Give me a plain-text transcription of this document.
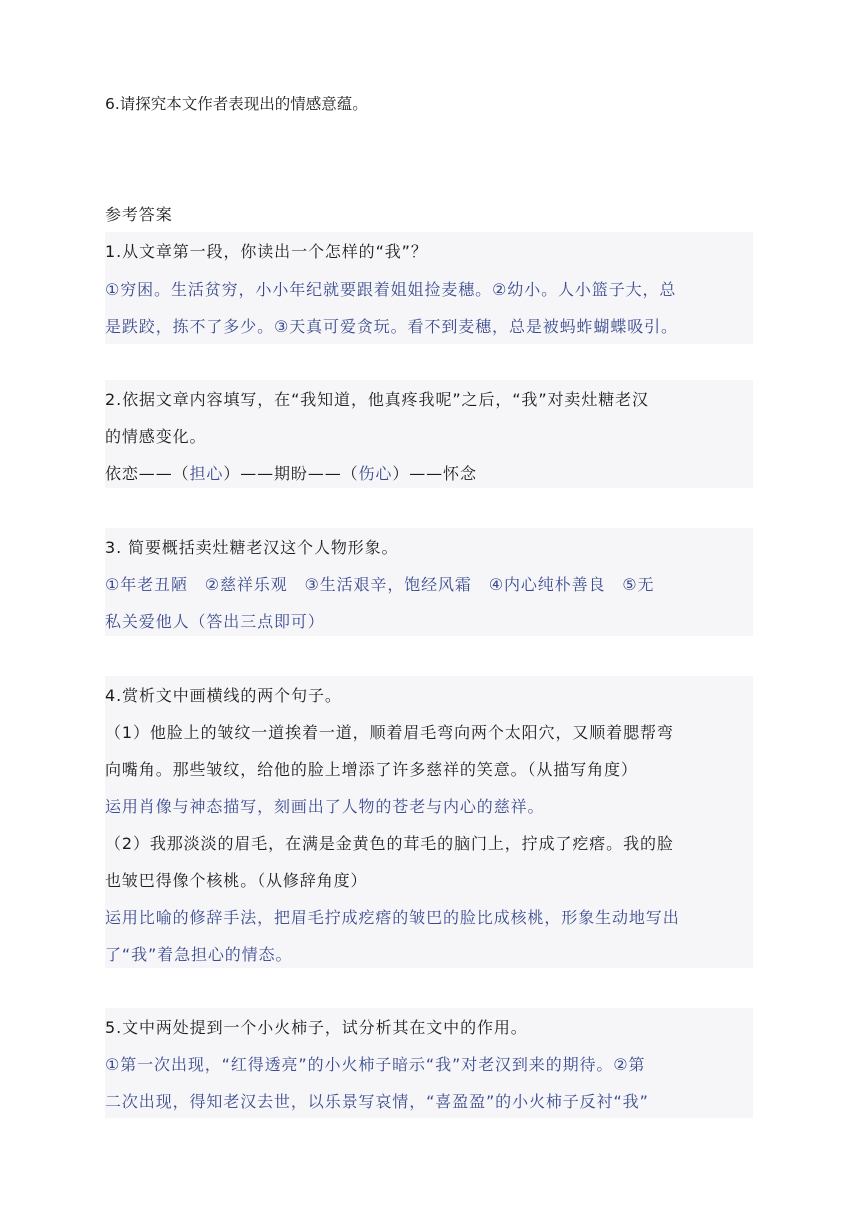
6.请探究本文作者表现出的情感意蕴。
参考答案
1.从文章第一段，你读出一个怎样的“我”？
①穷困。生活贫穷，小小年纪就要跟着姐姐捡麦穗。②幼小。人小篮子大，总
是跌跤，拣不了多少。③天真可爱贪玩。看不到麦穗，总是被蚂蚱蝴蝶吸引。
2.依据文章内容填写，在“我知道，他真疼我呢”之后，“我”对卖灶糖老汉
的情感变化。
依恋——（担心）——期盼——（伤心）——怀念
3. 简要概括卖灶糖老汉这个人物形象。
①年老丑陋　②慈祥乐观　③生活艰辛，饱经风霜　④内心纯朴善良　⑤无
私关爱他人（答出三点即可）
4.赏析文中画横线的两个句子。
（1）他脸上的皱纹一道挨着一道，顺着眉毛弯向两个太阳穴，又顺着腮帮弯
向嘴角。那些皱纹，给他的脸上增添了许多慈祥的笑意。（从描写角度）
运用肖像与神态描写，刻画出了人物的苍老与内心的慈祥。
（2）我那淡淡的眉毛，在满是金黄色的茸毛的脑门上，拧成了疙瘩。我的脸
也皱巴得像个核桃。（从修辞角度）
运用比喻的修辞手法，把眉毛拧成疙瘩的皱巴的脸比成核桃，形象生动地写出
了“我”着急担心的情态。
5.文中两处提到一个小火柿子，试分析其在文中的作用。
①第一次出现，“红得透亮”的小火柿子暗示“我”对老汉到来的期待。②第
二次出现，得知老汉去世，以乐景写哀情，“喜盈盈”的小火柿子反衬“我”
